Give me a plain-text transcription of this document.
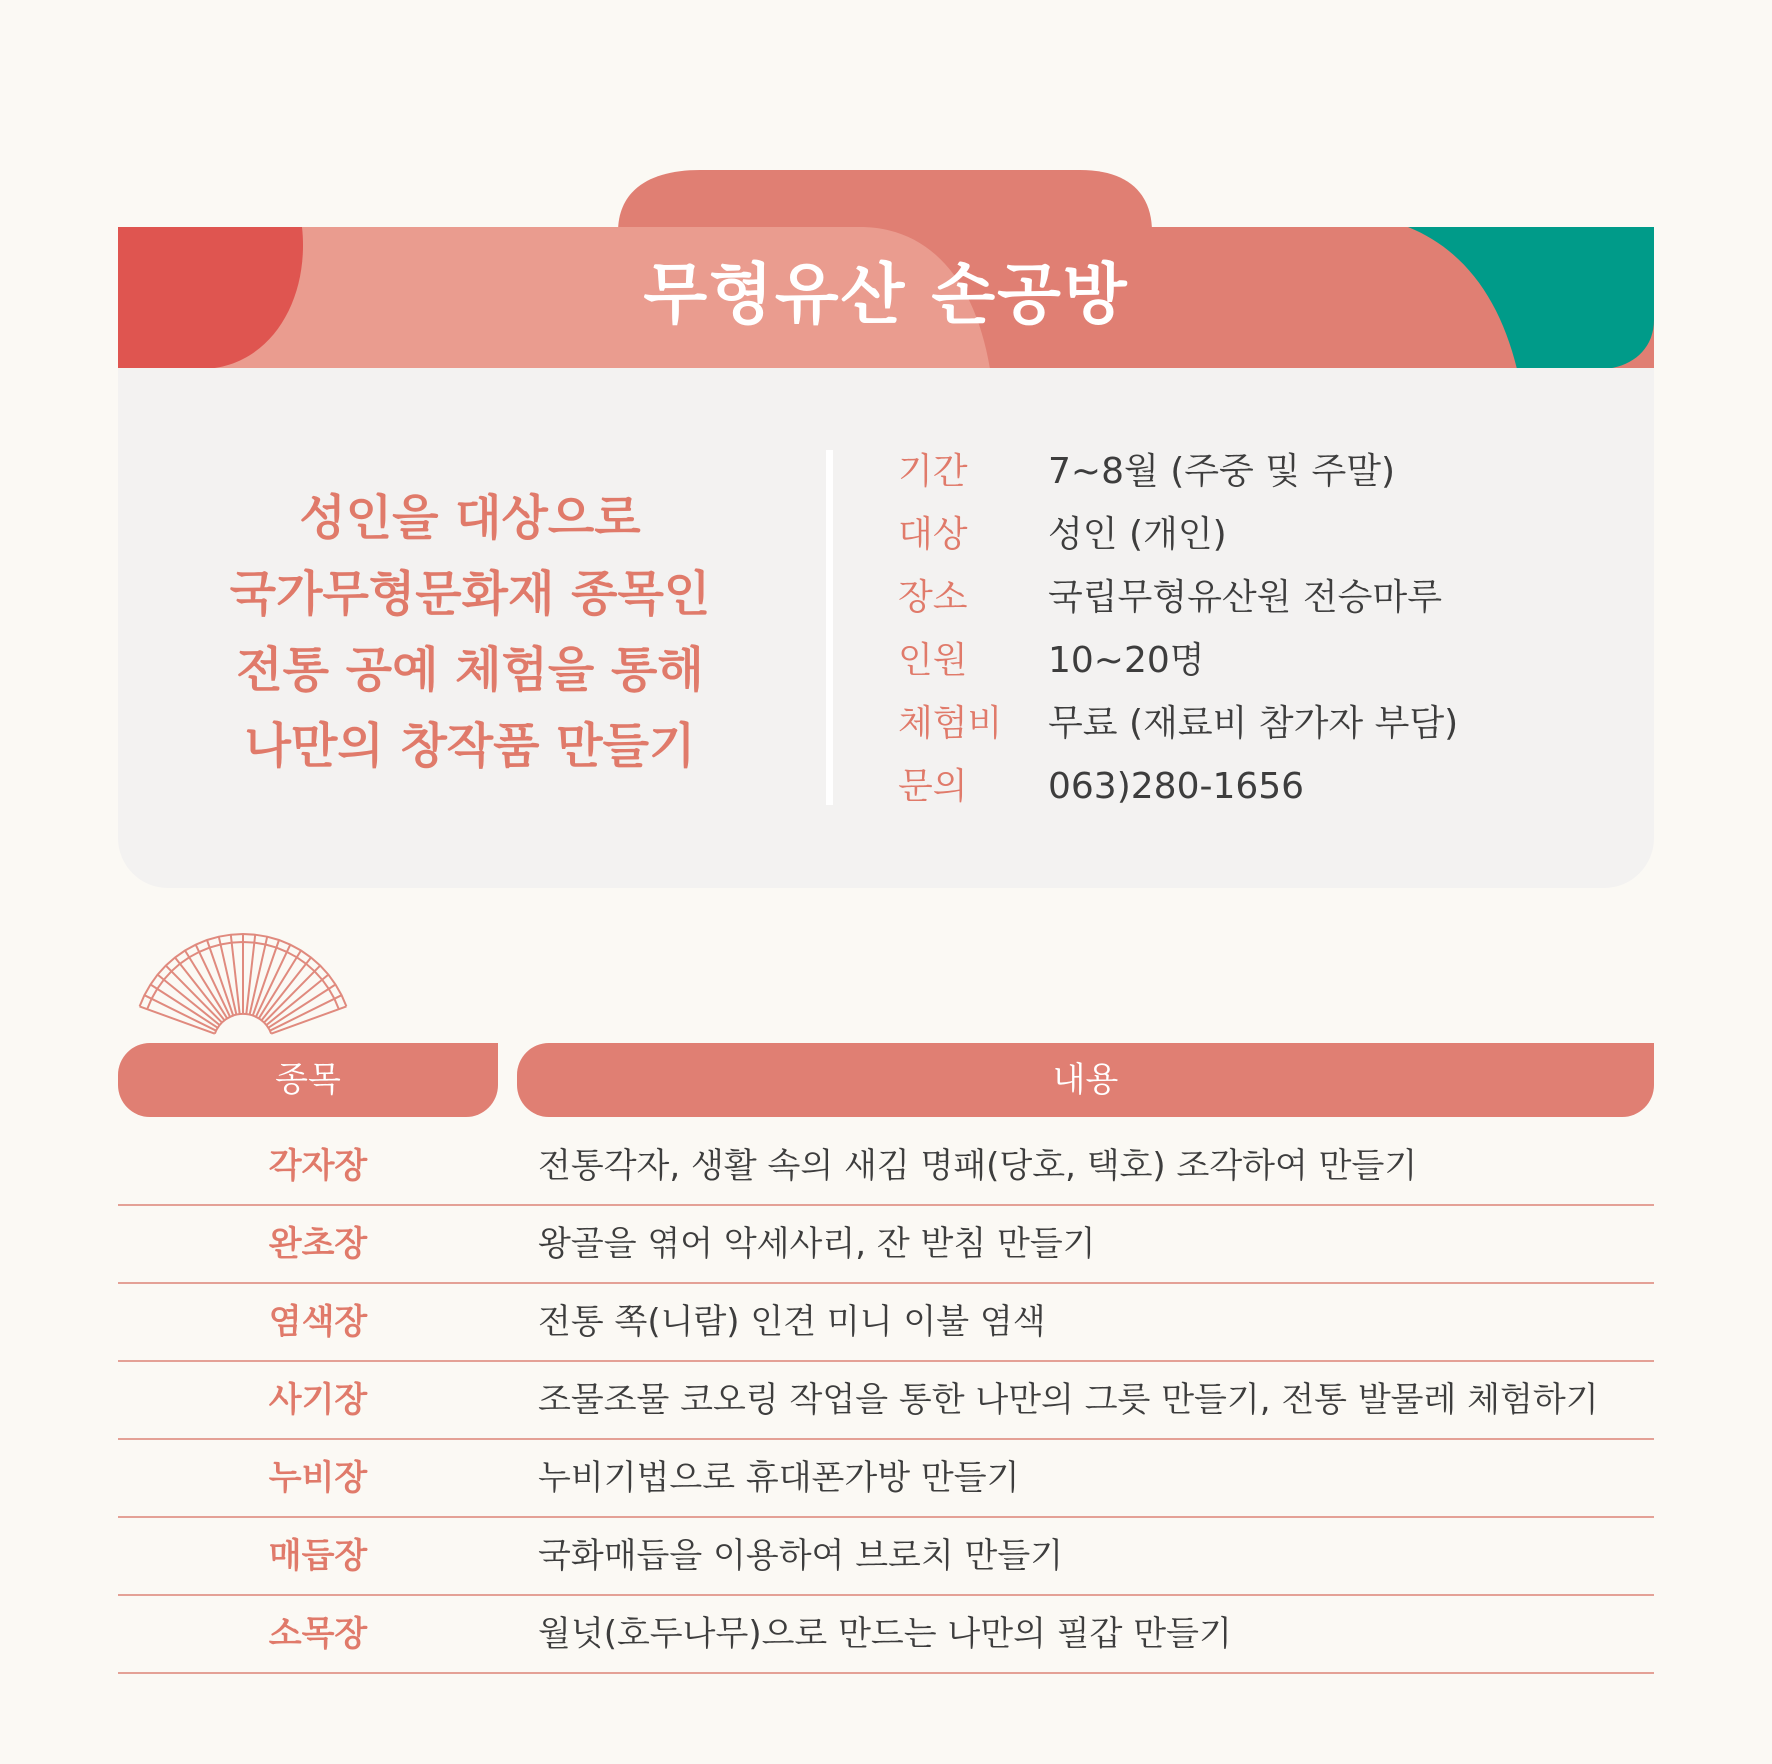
무형유산 손공방
성인을 대상으로
국가무형문화재 종목인
전통 공예 체험을 통해
나만의 창작품 만들기
기간 7~8월 (주중 및 주말)
대상 성인 (개인)
장소 국립무형유산원 전승마루
인원 10~20명
체험비 무료 (재료비 참가자 부담)
문의 063)280-1656
종목	내용
각자장	전통각자, 생활 속의 새김 명패(당호, 택호) 조각하여 만들기
완초장	왕골을 엮어 악세사리, 잔 받침 만들기
염색장	전통 쪽(니람) 인견 미니 이불 염색
사기장	조물조물 코오링 작업을 통한 나만의 그릇 만들기, 전통 발물레 체험하기
누비장	누비기법으로 휴대폰가방 만들기
매듭장	국화매듭을 이용하여 브로치 만들기
소목장	월넛(호두나무)으로 만드는 나만의 필갑 만들기
